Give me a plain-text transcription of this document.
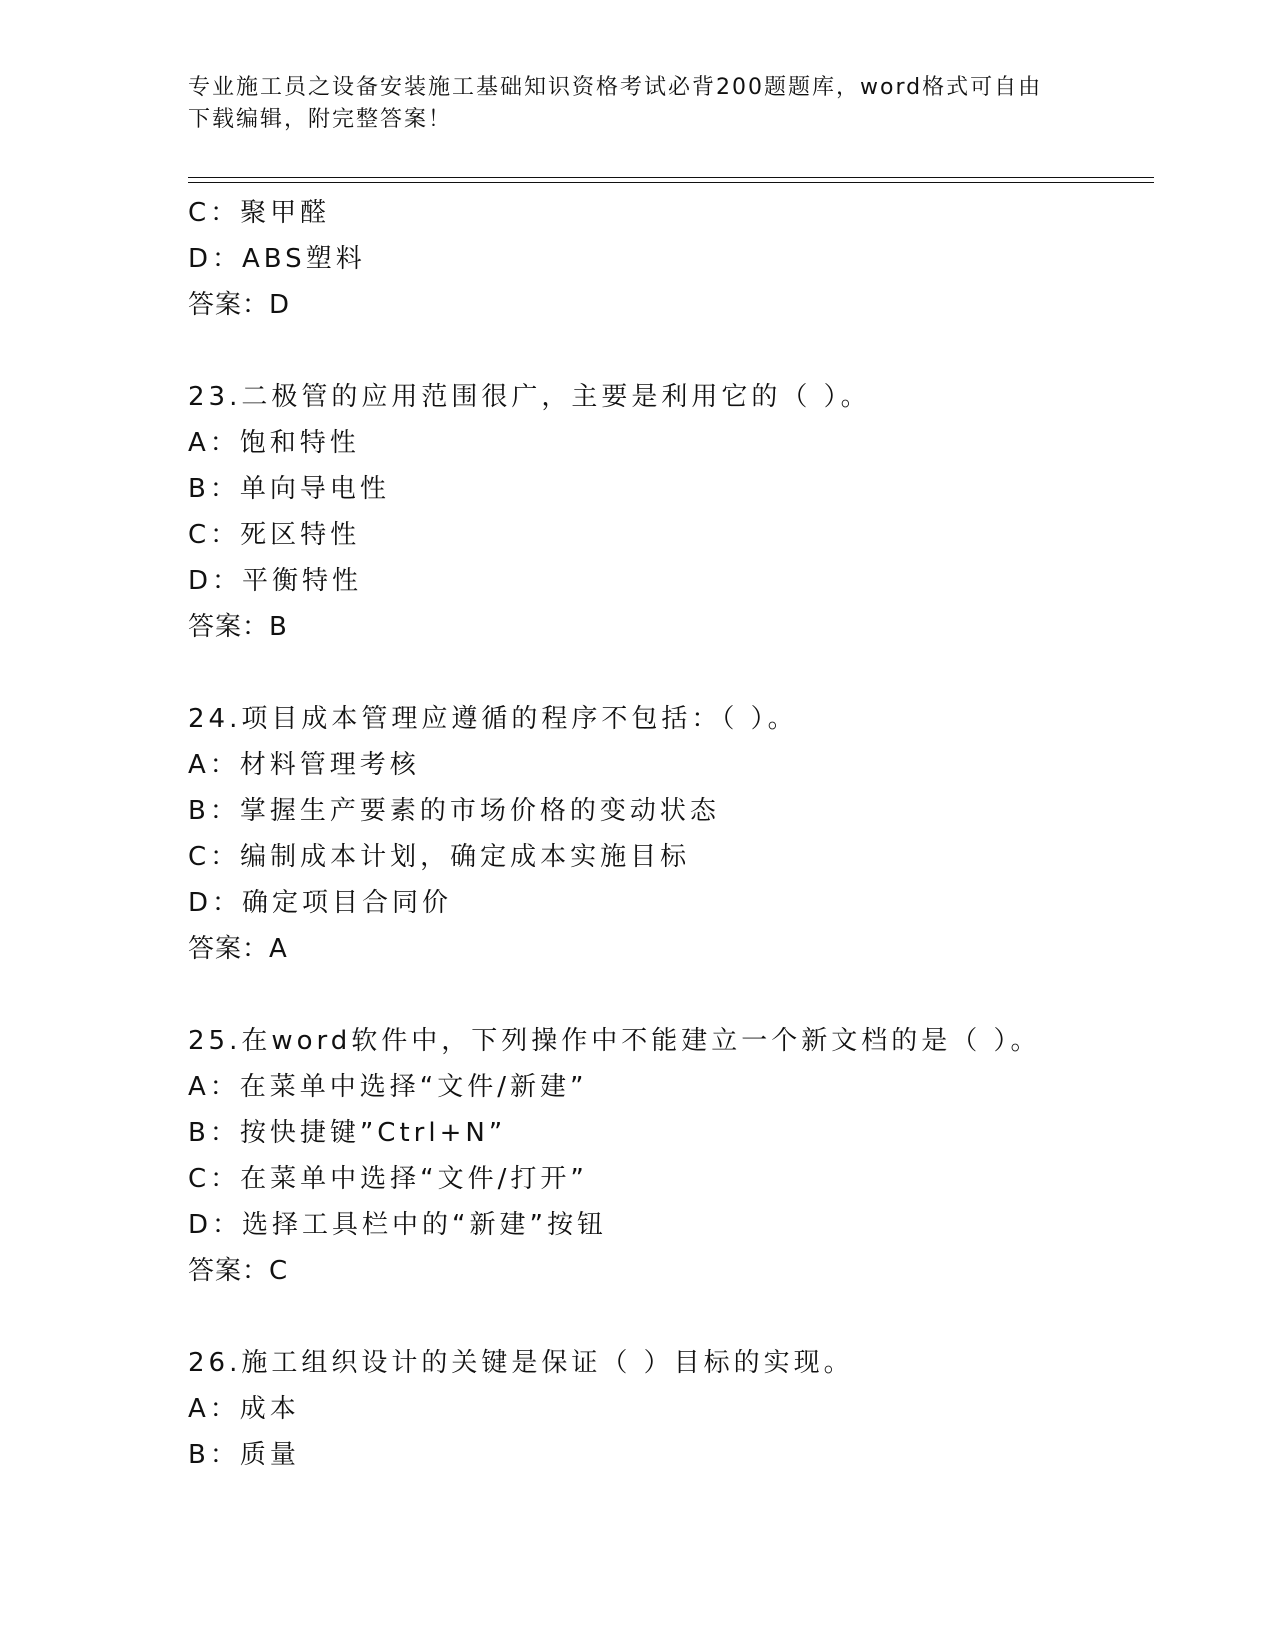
专业施工员之设备安装施工基础知识资格考试必背200题题库，word格式可自由
下载编辑，附完整答案！
C：聚甲醛
D：ABS塑料
答案：D
23.二极管的应用范围很广，主要是利用它的（ ）。
A：饱和特性
B：单向导电性
C：死区特性
D：平衡特性
答案：B
24.项目成本管理应遵循的程序不包括：（ ）。
A：材料管理考核
B：掌握生产要素的市场价格的变动状态
C：编制成本计划，确定成本实施目标
D：确定项目合同价
答案：A
25.在word软件中，下列操作中不能建立一个新文档的是（ ）。
A：在菜单中选择“文件/新建”
B：按快捷键”Ctrl+N”
C：在菜单中选择“文件/打开”
D：选择工具栏中的“新建”按钮
答案：C
26.施工组织设计的关键是保证（ ）目标的实现。
A：成本
B：质量
